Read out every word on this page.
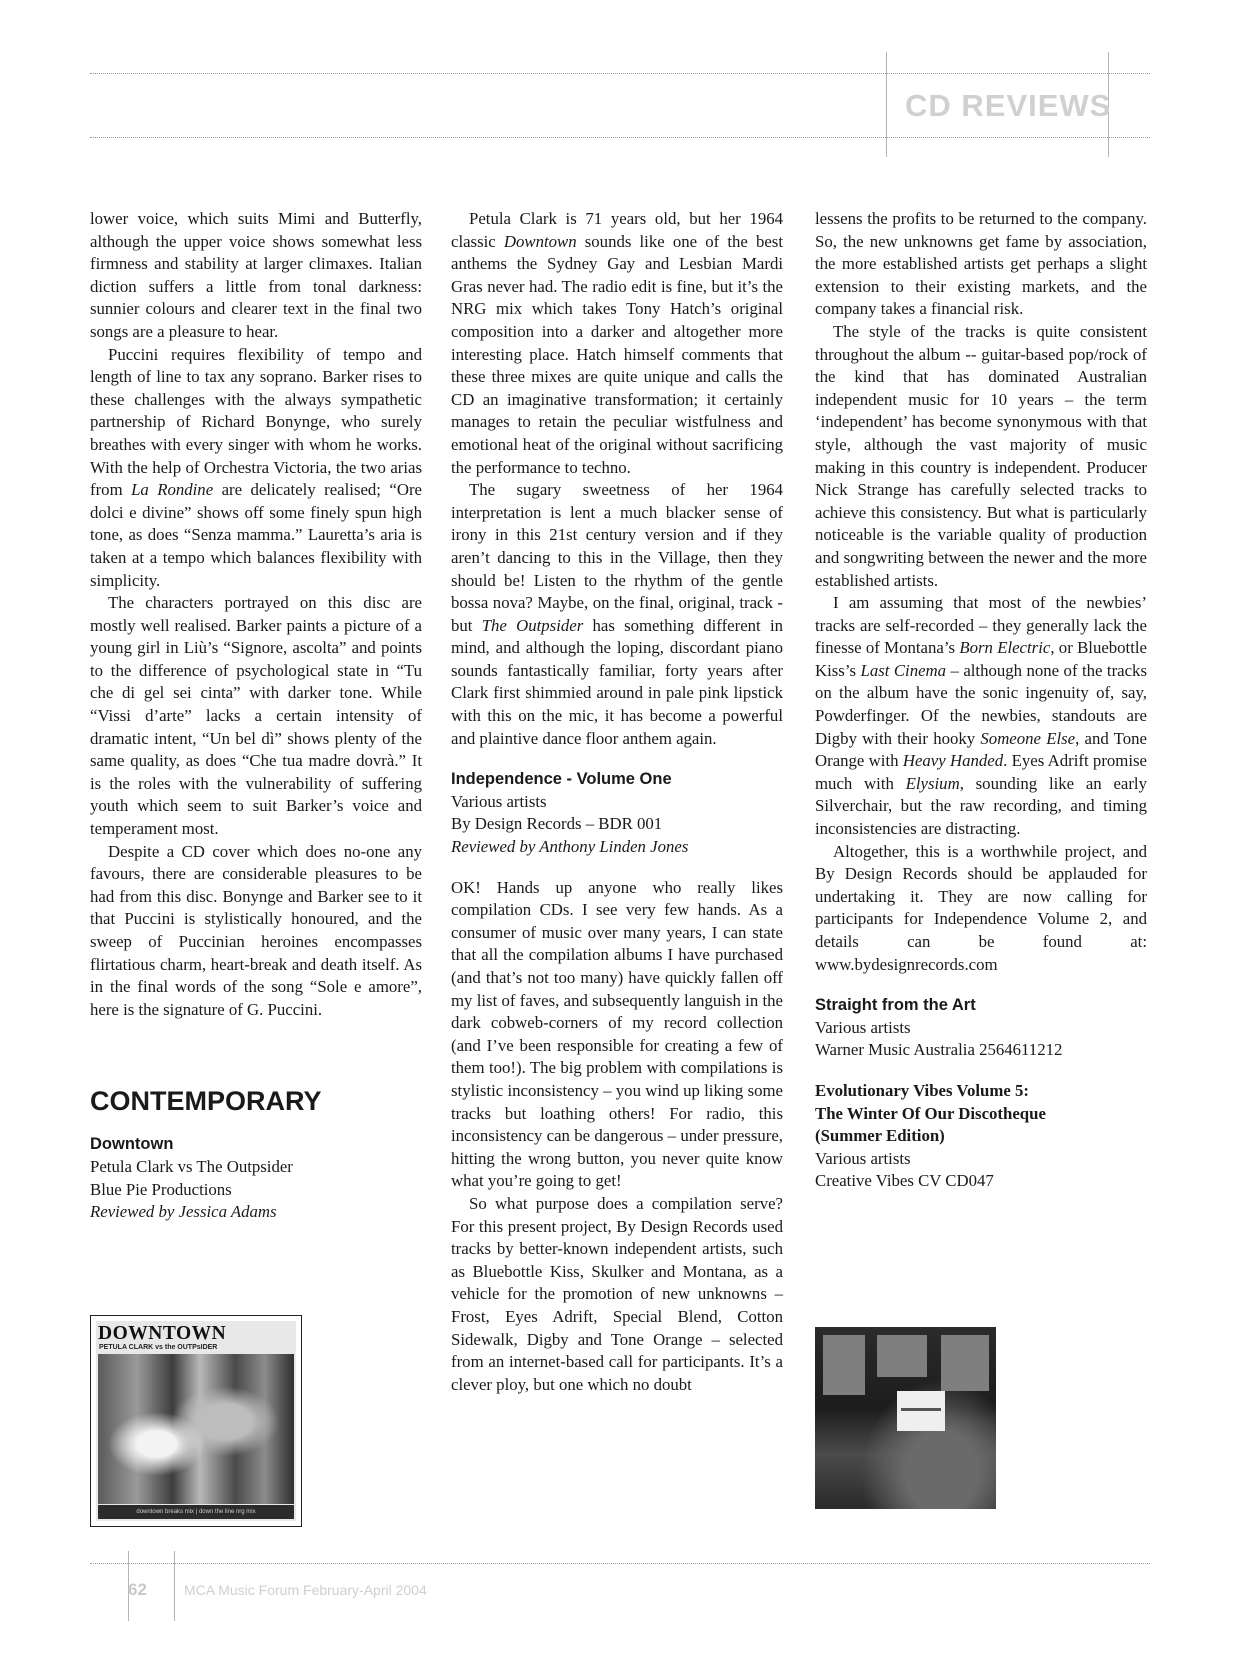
CD REVIEWS

lower voice, which suits Mimi and Butterfly, although the upper voice shows somewhat less firmness and stability at larger climaxes. Italian diction suffers a little from tonal darkness: sunnier colours and clearer text in the final two songs are a pleasure to hear.

Puccini requires flexibility of tempo and length of line to tax any soprano. Barker rises to these challenges with the always sympathetic partnership of Richard Bonynge, who surely breathes with every singer with whom he works. With the help of Orchestra Victoria, the two arias from La Rondine are delicately realised; “Ore dolci e divine” shows off some finely spun high tone, as does “Senza mamma.” Lauretta’s aria is taken at a tempo which balances flexibility with simplicity.

The characters portrayed on this disc are mostly well realised. Barker paints a picture of a young girl in Liù’s “Signore, ascolta” and points to the difference of psychological state in “Tu che di gel sei cinta” with darker tone. While “Vissi d’arte” lacks a certain intensity of dramatic intent, “Un bel dì” shows plenty of the same quality, as does “Che tua madre dovrà.” It is the roles with the vulnerability of suffering youth which seem to suit Barker’s voice and temperament most.

Despite a CD cover which does no-one any favours, there are considerable pleasures to be had from this disc. Bonynge and Barker see to it that Puccini is stylistically honoured, and the sweep of Puccinian heroines encompasses flirtatious charm, heart-break and death itself. As in the final words of the song “Sole e amore”, here is the signature of G. Puccini.

CONTEMPORARY
Downtown
Petula Clark vs The Outpsider
Blue Pie Productions
Reviewed by Jessica Adams
DOWNTOWN
PETULA CLARK vs the OUTPsIDER
downtown breaks mix | down the line nrg mix

Petula Clark is 71 years old, but her 1964 classic Downtown sounds like one of the best anthems the Sydney Gay and Lesbian Mardi Gras never had. The radio edit is fine, but it’s the NRG mix which takes Tony Hatch’s original composition into a darker and altogether more interesting place. Hatch himself comments that these three mixes are quite unique and calls the CD an imaginative transformation; it certainly manages to retain the peculiar wistfulness and emotional heat of the original without sacrificing the performance to techno.

The sugary sweetness of her 1964 interpretation is lent a much blacker sense of irony in this 21st century version and if they aren’t dancing to this in the Village, then they should be! Listen to the rhythm of the gentle bossa nova? Maybe, on the final, original, track - but The Outpsider has something different in mind, and although the loping, discordant piano sounds fantastically familiar, forty years after Clark first shimmied around in pale pink lipstick with this on the mic, it has become a powerful and plaintive dance floor anthem again.

Independence - Volume One
Various artists
By Design Records – BDR 001
Reviewed by Anthony Linden Jones

OK! Hands up anyone who really likes compilation CDs. I see very few hands. As a consumer of music over many years, I can state that all the compilation albums I have purchased (and that’s not too many) have quickly fallen off my list of faves, and subsequently languish in the dark cobweb-corners of my record collection (and I’ve been responsible for creating a few of them too!). The big problem with compilations is stylistic inconsistency – you wind up liking some tracks but loathing others! For radio, this inconsistency can be dangerous – under pressure, hitting the wrong button, you never quite know what you’re going to get!

So what purpose does a compilation serve? For this present project, By Design Records used tracks by better-known independent artists, such as Bluebottle Kiss, Skulker and Montana, as a vehicle for the promotion of new unknowns – Frost, Eyes Adrift, Special Blend, Cotton Sidewalk, Digby and Tone Orange – selected from an internet-based call for participants. It’s a clever ploy, but one which no doubt

lessens the profits to be returned to the company. So, the new unknowns get fame by association, the more established artists get perhaps a slight extension to their existing markets, and the company takes a financial risk.

The style of the tracks is quite consistent throughout the album -- guitar-based pop/rock of the kind that has dominated Australian independent music for 10 years – the term ‘independent’ has become synonymous with that style, although the vast majority of music making in this country is independent. Producer Nick Strange has carefully selected tracks to achieve this consistency. But what is particularly noticeable is the variable quality of production and songwriting between the newer and the more established artists.

I am assuming that most of the newbies’ tracks are self-recorded – they generally lack the finesse of Montana’s Born Electric, or Bluebottle Kiss’s Last Cinema – although none of the tracks on the album have the sonic ingenuity of, say, Powderfinger. Of the newbies, standouts are Digby with their hooky Someone Else, and Tone Orange with Heavy Handed. Eyes Adrift promise much with Elysium, sounding like an early Silverchair, but the raw recording, and timing inconsistencies are distracting.

Altogether, this is a worthwhile project, and By Design Records should be applauded for undertaking it. They are now calling for participants for Independence Volume 2, and details can be found at: www.bydesignrecords.com

Straight from the Art
Various artists
Warner Music Australia 2564611212
Evolutionary Vibes Volume 5:
The Winter Of Our Discotheque
(Summer Edition)
Various artists
Creative Vibes CV CD047
62	MCA Music Forum February-April 2004
